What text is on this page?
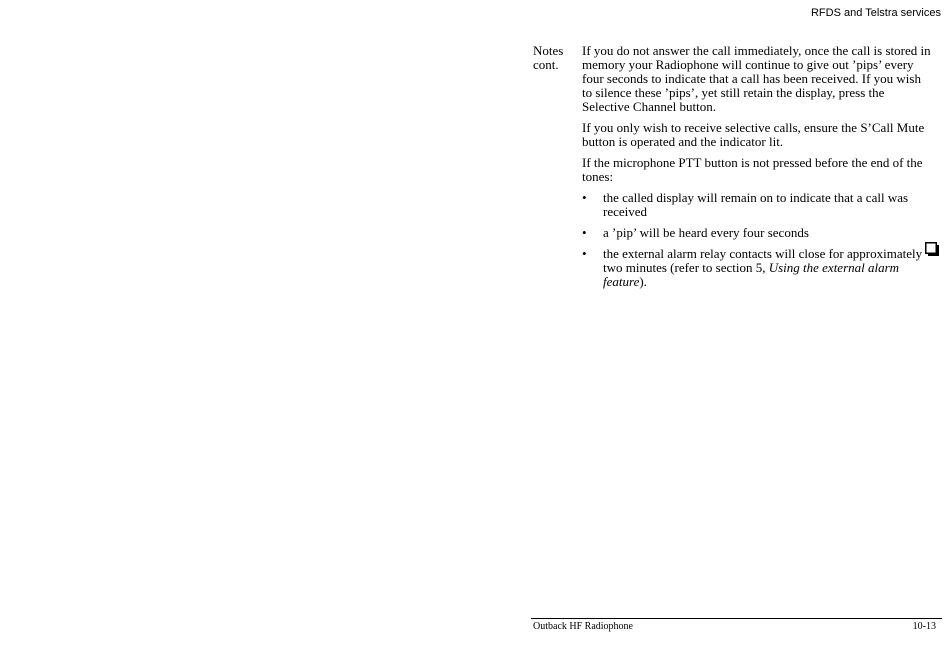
RFDS and Telstra services
Notes
cont.

If you do not answer the call immediately, once the call is stored in memory your Radiophone will continue to give out ’pips’ every four seconds to indicate that a call has been received. If you wish to silence these ’pips’, yet still retain the display, press the Selective Channel button.

If you only wish to receive selective calls, ensure the S’Call Mute button is operated and the indicator lit.

If the microphone PTT button is not pressed before the end of the tones:

• the called display will remain on to indicate that a call was received
• a ’pip’ will be heard every four seconds
• the external alarm relay contacts will close for approximately two minutes (refer to section 5, Using the external alarm feature).
Outback HF Radiophone	10-13
